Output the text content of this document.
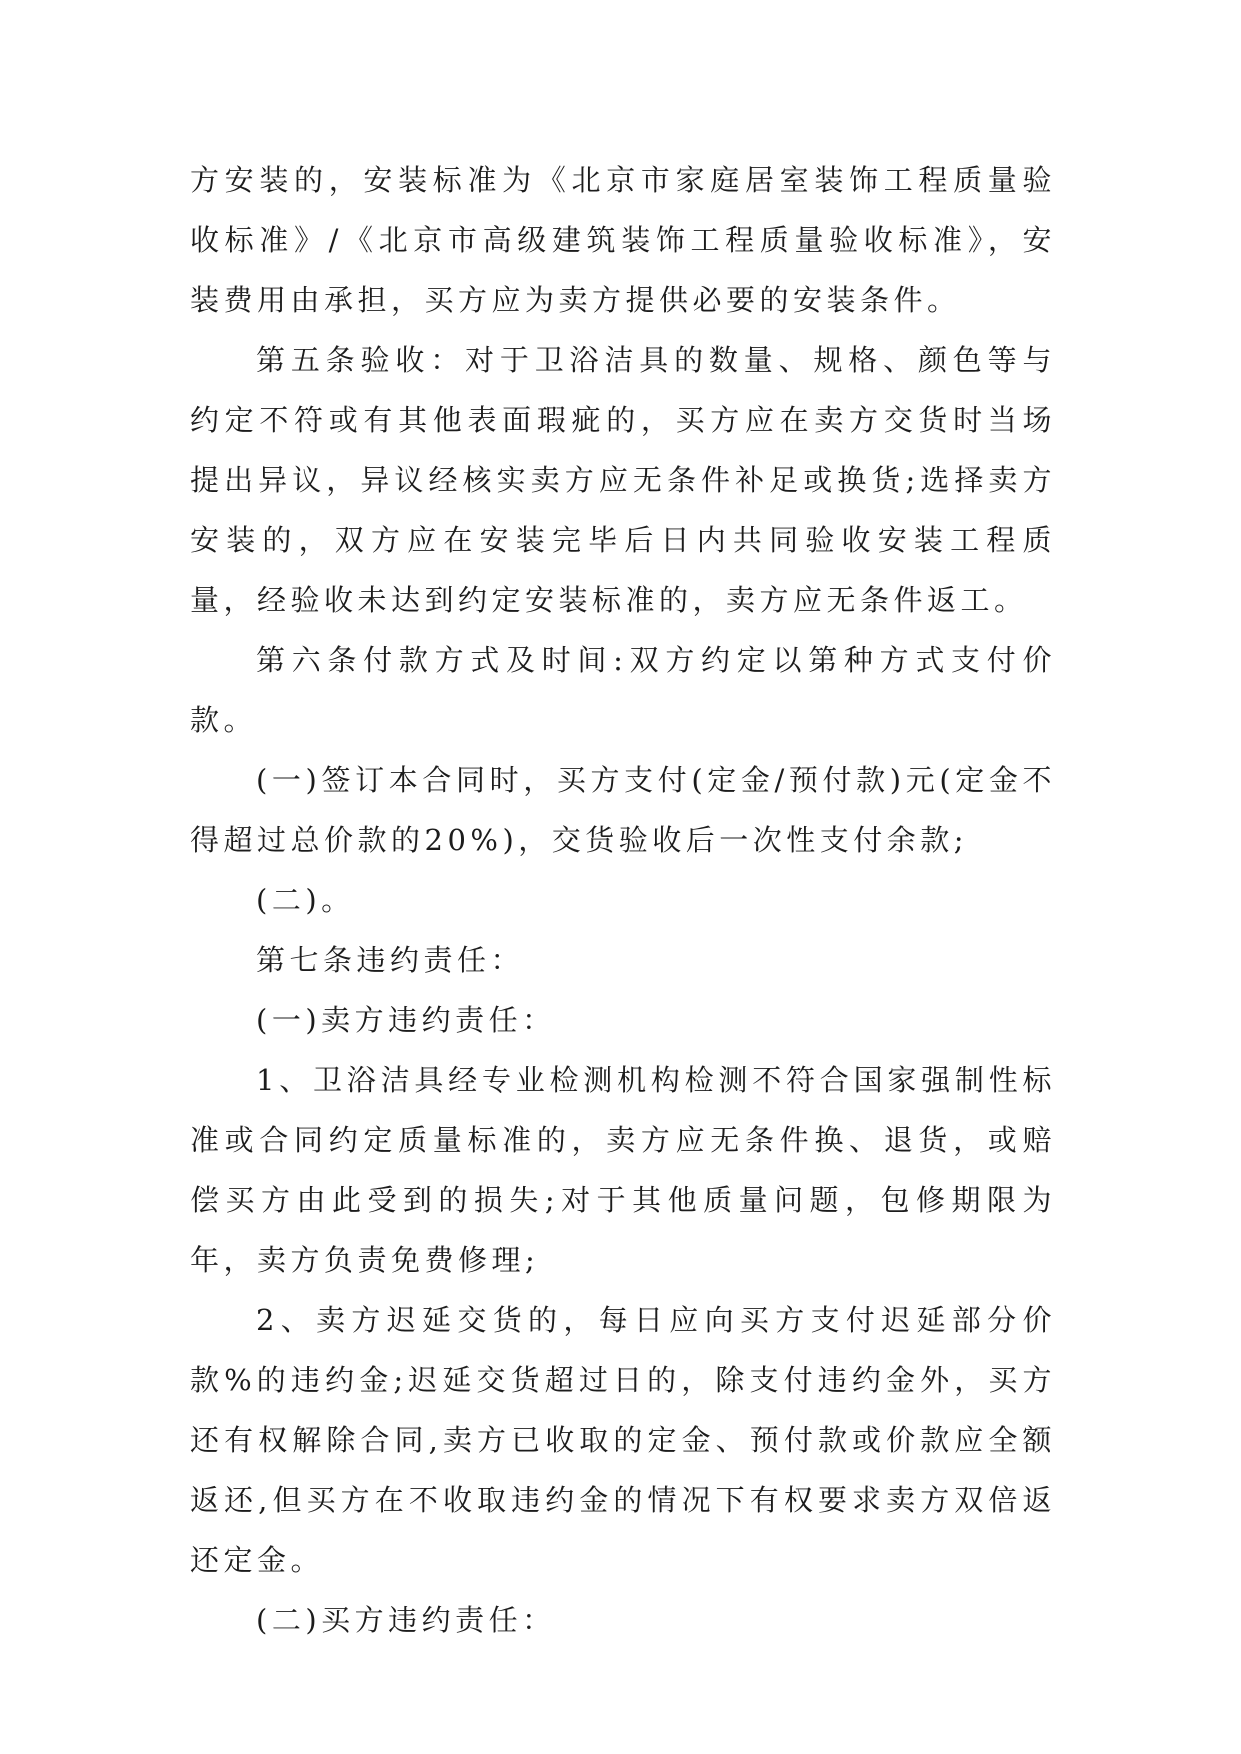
方安装的，安装标准为《北京市家庭居室装饰工程质量验收标准》/《北京市高级建筑装饰工程质量验收标准》，安装费用由承担，买方应为卖方提供必要的安装条件。

第五条验收：对于卫浴洁具的数量、规格、颜色等与约定不符或有其他表面瑕疵的，买方应在卖方交货时当场提出异议，异议经核实卖方应无条件补足或换货;选择卖方安装的，双方应在安装完毕后日内共同验收安装工程质量，经验收未达到约定安装标准的，卖方应无条件返工。

第六条付款方式及时间:双方约定以第种方式支付价款。

(一)签订本合同时，买方支付(定金/预付款)元(定金不得超过总价款的20%)，交货验收后一次性支付余款;

(二)。

第七条违约责任：

(一)卖方违约责任：

1、卫浴洁具经专业检测机构检测不符合国家强制性标准或合同约定质量标准的，卖方应无条件换、退货，或赔偿买方由此受到的损失;对于其他质量问题，包修期限为年，卖方负责免费修理;

2、卖方迟延交货的，每日应向买方支付迟延部分价款%的违约金;迟延交货超过日的，除支付违约金外，买方还有权解除合同,卖方已收取的定金、预付款或价款应全额返还,但买方在不收取违约金的情况下有权要求卖方双倍返还定金。

(二)买方违约责任：
